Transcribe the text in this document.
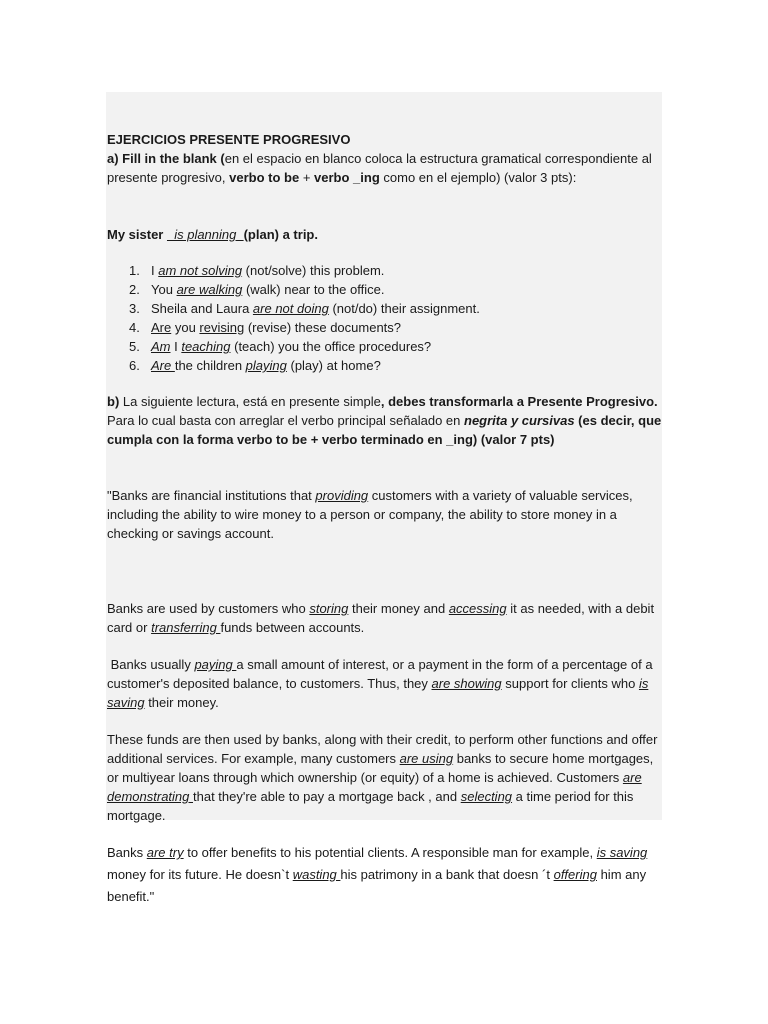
EJERCICIOS PRESENTE PROGRESIVO

a) Fill in the blank (en el espacio en blanco coloca la estructura gramatical correspondiente al presente progresivo, verbo to be + verbo _ing como en el ejemplo) (valor 3 pts):

My sister   is planning  (plan) a trip.

1. I am not solving (not/solve) this problem.
2. You are walking (walk) near to the office.
3. Sheila and Laura are not doing (not/do) their assignment.
4. Are you revising (revise) these documents?
5. Am I teaching (teach) you the office procedures?
6. Are the children playing (play) at home?

b) La siguiente lectura, está en presente simple, debes transformarla a Presente Progresivo. Para lo cual basta con arreglar el verbo principal señalado en negrita y cursivas (es decir, que cumpla con la forma verbo to be + verbo terminado en _ing) (valor 7 pts)

"Banks are financial institutions that providing customers with a variety of valuable services, including the ability to wire money to a person or company, the ability to store money in a checking or savings account.

Banks are used by customers who storing their money and accessing it as needed, with a debit card or transferring funds between accounts.

Banks usually paying a small amount of interest, or a payment in the form of a percentage of a customer's deposited balance, to customers. Thus, they are showing support for clients who is saving their money.

These funds are then used by banks, along with their credit, to perform other functions and offer additional services. For example, many customers are using banks to secure home mortgages, or multiyear loans through which ownership (or equity) of a home is achieved. Customers are demonstrating that they're able to pay a mortgage back , and selecting a time period for this mortgage.

Banks are try to offer benefits to his potential clients. A responsible man for example, is saving money for its future. He doesn`t wasting his patrimony in a bank that doesn ´t offering him any benefit."
